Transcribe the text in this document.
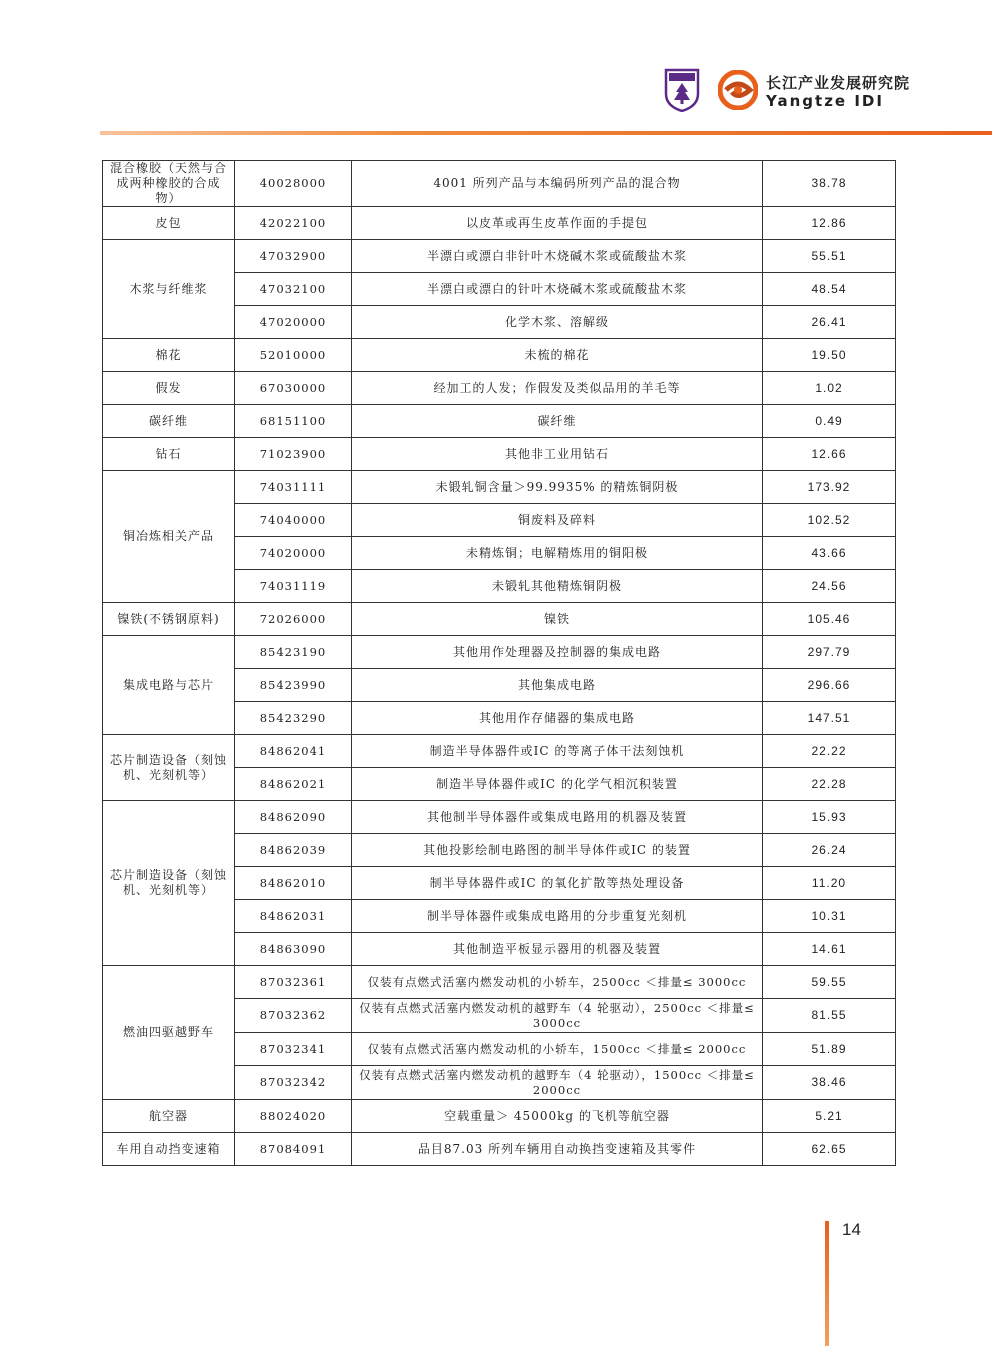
长江产业发展研究院
Yangtze IDI
混合橡胶（天然与合成两种橡胶的合成物）	40028000	4001 所列产品与本编码所列产品的混合物	38.78
皮包	42022100	以皮革或再生皮革作面的手提包	12.86
木浆与纤维浆	47032900	半漂白或漂白非针叶木烧碱木浆或硫酸盐木浆	55.51
	47032100	半漂白或漂白的针叶木烧碱木浆或硫酸盐木浆	48.54
	47020000	化学木浆、溶解级	26.41
棉花	52010000	未梳的棉花	19.50
假发	67030000	经加工的人发；作假发及类似品用的羊毛等	1.02
碳纤维	68151100	碳纤维	0.49
钻石	71023900	其他非工业用钻石	12.66
铜冶炼相关产品	74031111	未锻轧铜含量＞99.9935% 的精炼铜阴极	173.92
	74040000	铜废料及碎料	102.52
	74020000	未精炼铜；电解精炼用的铜阳极	43.66
	74031119	未锻轧其他精炼铜阴极	24.56
镍铁(不锈钢原料)	72026000	镍铁	105.46
集成电路与芯片	85423190	其他用作处理器及控制器的集成电路	297.79
	85423990	其他集成电路	296.66
	85423290	其他用作存储器的集成电路	147.51
芯片制造设备（刻蚀机、光刻机等）	84862041	制造半导体器件或IC 的等离子体干法刻蚀机	22.22
	84862021	制造半导体器件或IC 的化学气相沉积装置	22.28
芯片制造设备（刻蚀机、光刻机等）	84862090	其他制半导体器件或集成电路用的机器及装置	15.93
	84862039	其他投影绘制电路图的制半导体件或IC 的装置	26.24
	84862010	制半导体器件或IC 的氧化扩散等热处理设备	11.20
	84862031	制半导体器件或集成电路用的分步重复光刻机	10.31
	84863090	其他制造平板显示器用的机器及装置	14.61
燃油四驱越野车	87032361	仅装有点燃式活塞内燃发动机的小轿车，2500cc ＜排量≤ 3000cc	59.55
	87032362	仅装有点燃式活塞内燃发动机的越野车（4 轮驱动），2500cc ＜排量≤ 3000cc	81.55
	87032341	仅装有点燃式活塞内燃发动机的小轿车，1500cc ＜排量≤ 2000cc	51.89
	87032342	仅装有点燃式活塞内燃发动机的越野车（4 轮驱动），1500cc ＜排量≤ 2000cc	38.46
航空器	88024020	空载重量＞ 45000kg 的飞机等航空器	5.21
车用自动挡变速箱	87084091	品目87.03 所列车辆用自动换挡变速箱及其零件	62.65
14
